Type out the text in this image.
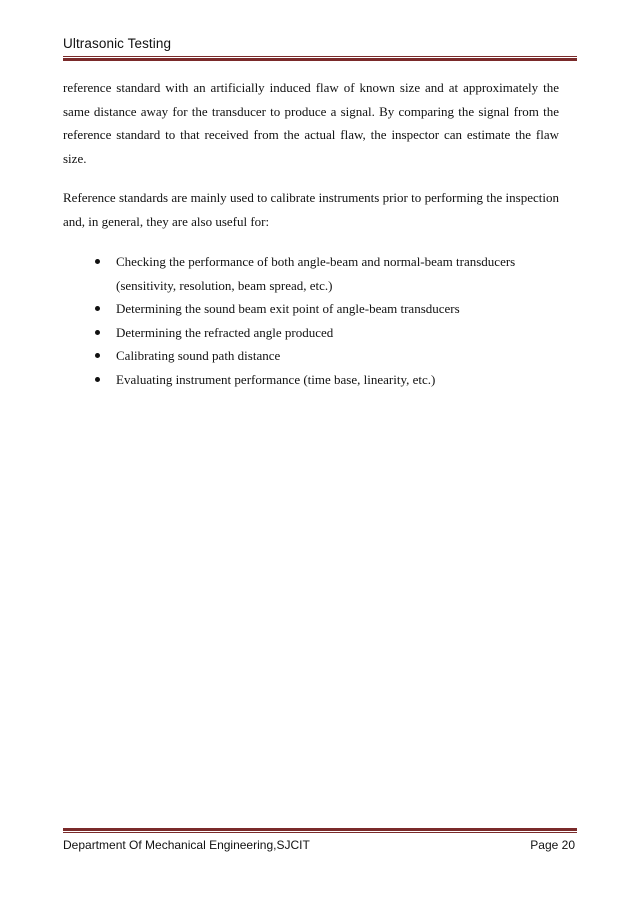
Ultrasonic Testing

reference standard with an artificially induced flaw of known size and at approximately the same distance away for the transducer to produce a signal. By comparing the signal from the reference standard to that received from the actual flaw, the inspector can estimate the flaw size.

Reference standards are mainly used to calibrate instruments prior to performing the inspection and, in general, they are also useful for:

Checking the performance of both angle-beam and normal-beam transducers (sensitivity, resolution, beam spread, etc.)
Determining the sound beam exit point of angle-beam transducers
Determining the refracted angle produced
Calibrating sound path distance
Evaluating instrument performance (time base, linearity, etc.)
Department Of Mechanical Engineering,SJCIT	Page 20
